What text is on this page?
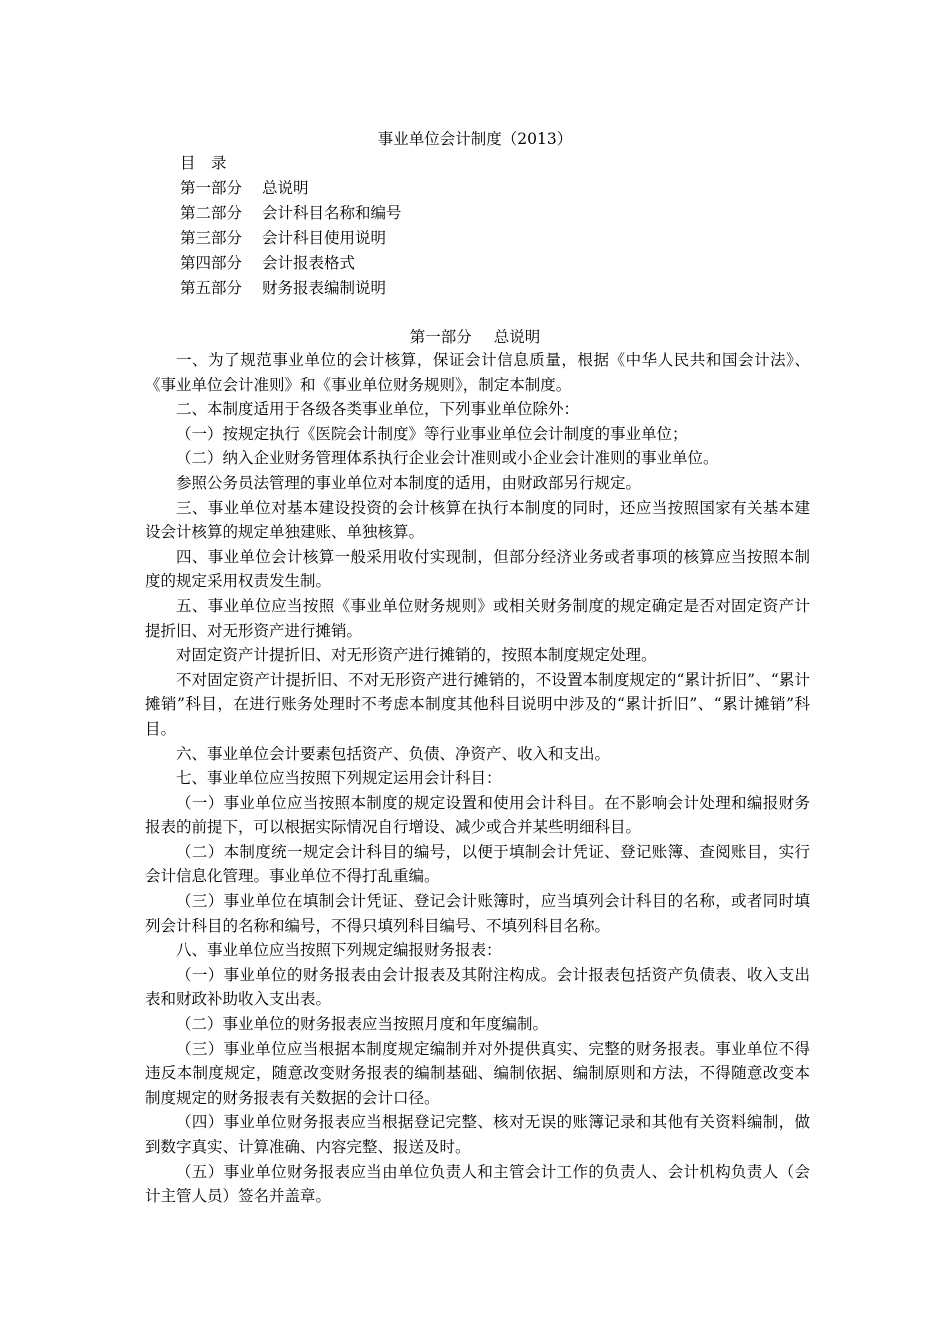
事业单位会计制度（2013）
目　录
第一部分 总说明
第二部分 会计科目名称和编号
第三部分 会计科目使用说明
第四部分 会计报表格式
第五部分 财务报表编制说明
第一部分 总说明

一、为了规范事业单位的会计核算，保证会计信息质量，根据《中华人民共和国会计法》、《事业单位会计准则》和《事业单位财务规则》，制定本制度。

二、本制度适用于各级各类事业单位，下列事业单位除外：

（一）按规定执行《医院会计制度》等行业事业单位会计制度的事业单位；

（二）纳入企业财务管理体系执行企业会计准则或小企业会计准则的事业单位。

参照公务员法管理的事业单位对本制度的适用，由财政部另行规定。

三、事业单位对基本建设投资的会计核算在执行本制度的同时，还应当按照国家有关基本建设会计核算的规定单独建账、单独核算。

四、事业单位会计核算一般采用收付实现制，但部分经济业务或者事项的核算应当按照本制度的规定采用权责发生制。

五、事业单位应当按照《事业单位财务规则》或相关财务制度的规定确定是否对固定资产计提折旧、对无形资产进行摊销。

对固定资产计提折旧、对无形资产进行摊销的，按照本制度规定处理。

不对固定资产计提折旧、不对无形资产进行摊销的，不设置本制度规定的“累计折旧”、“累计摊销”科目，在进行账务处理时不考虑本制度其他科目说明中涉及的“累计折旧”、“累计摊销”科目。

六、事业单位会计要素包括资产、负债、净资产、收入和支出。

七、事业单位应当按照下列规定运用会计科目：

（一）事业单位应当按照本制度的规定设置和使用会计科目。在不影响会计处理和编报财务报表的前提下，可以根据实际情况自行增设、减少或合并某些明细科目。

（二）本制度统一规定会计科目的编号，以便于填制会计凭证、登记账簿、查阅账目，实行会计信息化管理。事业单位不得打乱重编。

（三）事业单位在填制会计凭证、登记会计账簿时，应当填列会计科目的名称，或者同时填列会计科目的名称和编号，不得只填列科目编号、不填列科目名称。

八、事业单位应当按照下列规定编报财务报表：

（一）事业单位的财务报表由会计报表及其附注构成。会计报表包括资产负债表、收入支出表和财政补助收入支出表。

（二）事业单位的财务报表应当按照月度和年度编制。

（三）事业单位应当根据本制度规定编制并对外提供真实、完整的财务报表。事业单位不得违反本制度规定，随意改变财务报表的编制基础、编制依据、编制原则和方法，不得随意改变本制度规定的财务报表有关数据的会计口径。

（四）事业单位财务报表应当根据登记完整、核对无误的账簿记录和其他有关资料编制，做到数字真实、计算准确、内容完整、报送及时。

（五）事业单位财务报表应当由单位负责人和主管会计工作的负责人、会计机构负责人（会计主管人员）签名并盖章。
